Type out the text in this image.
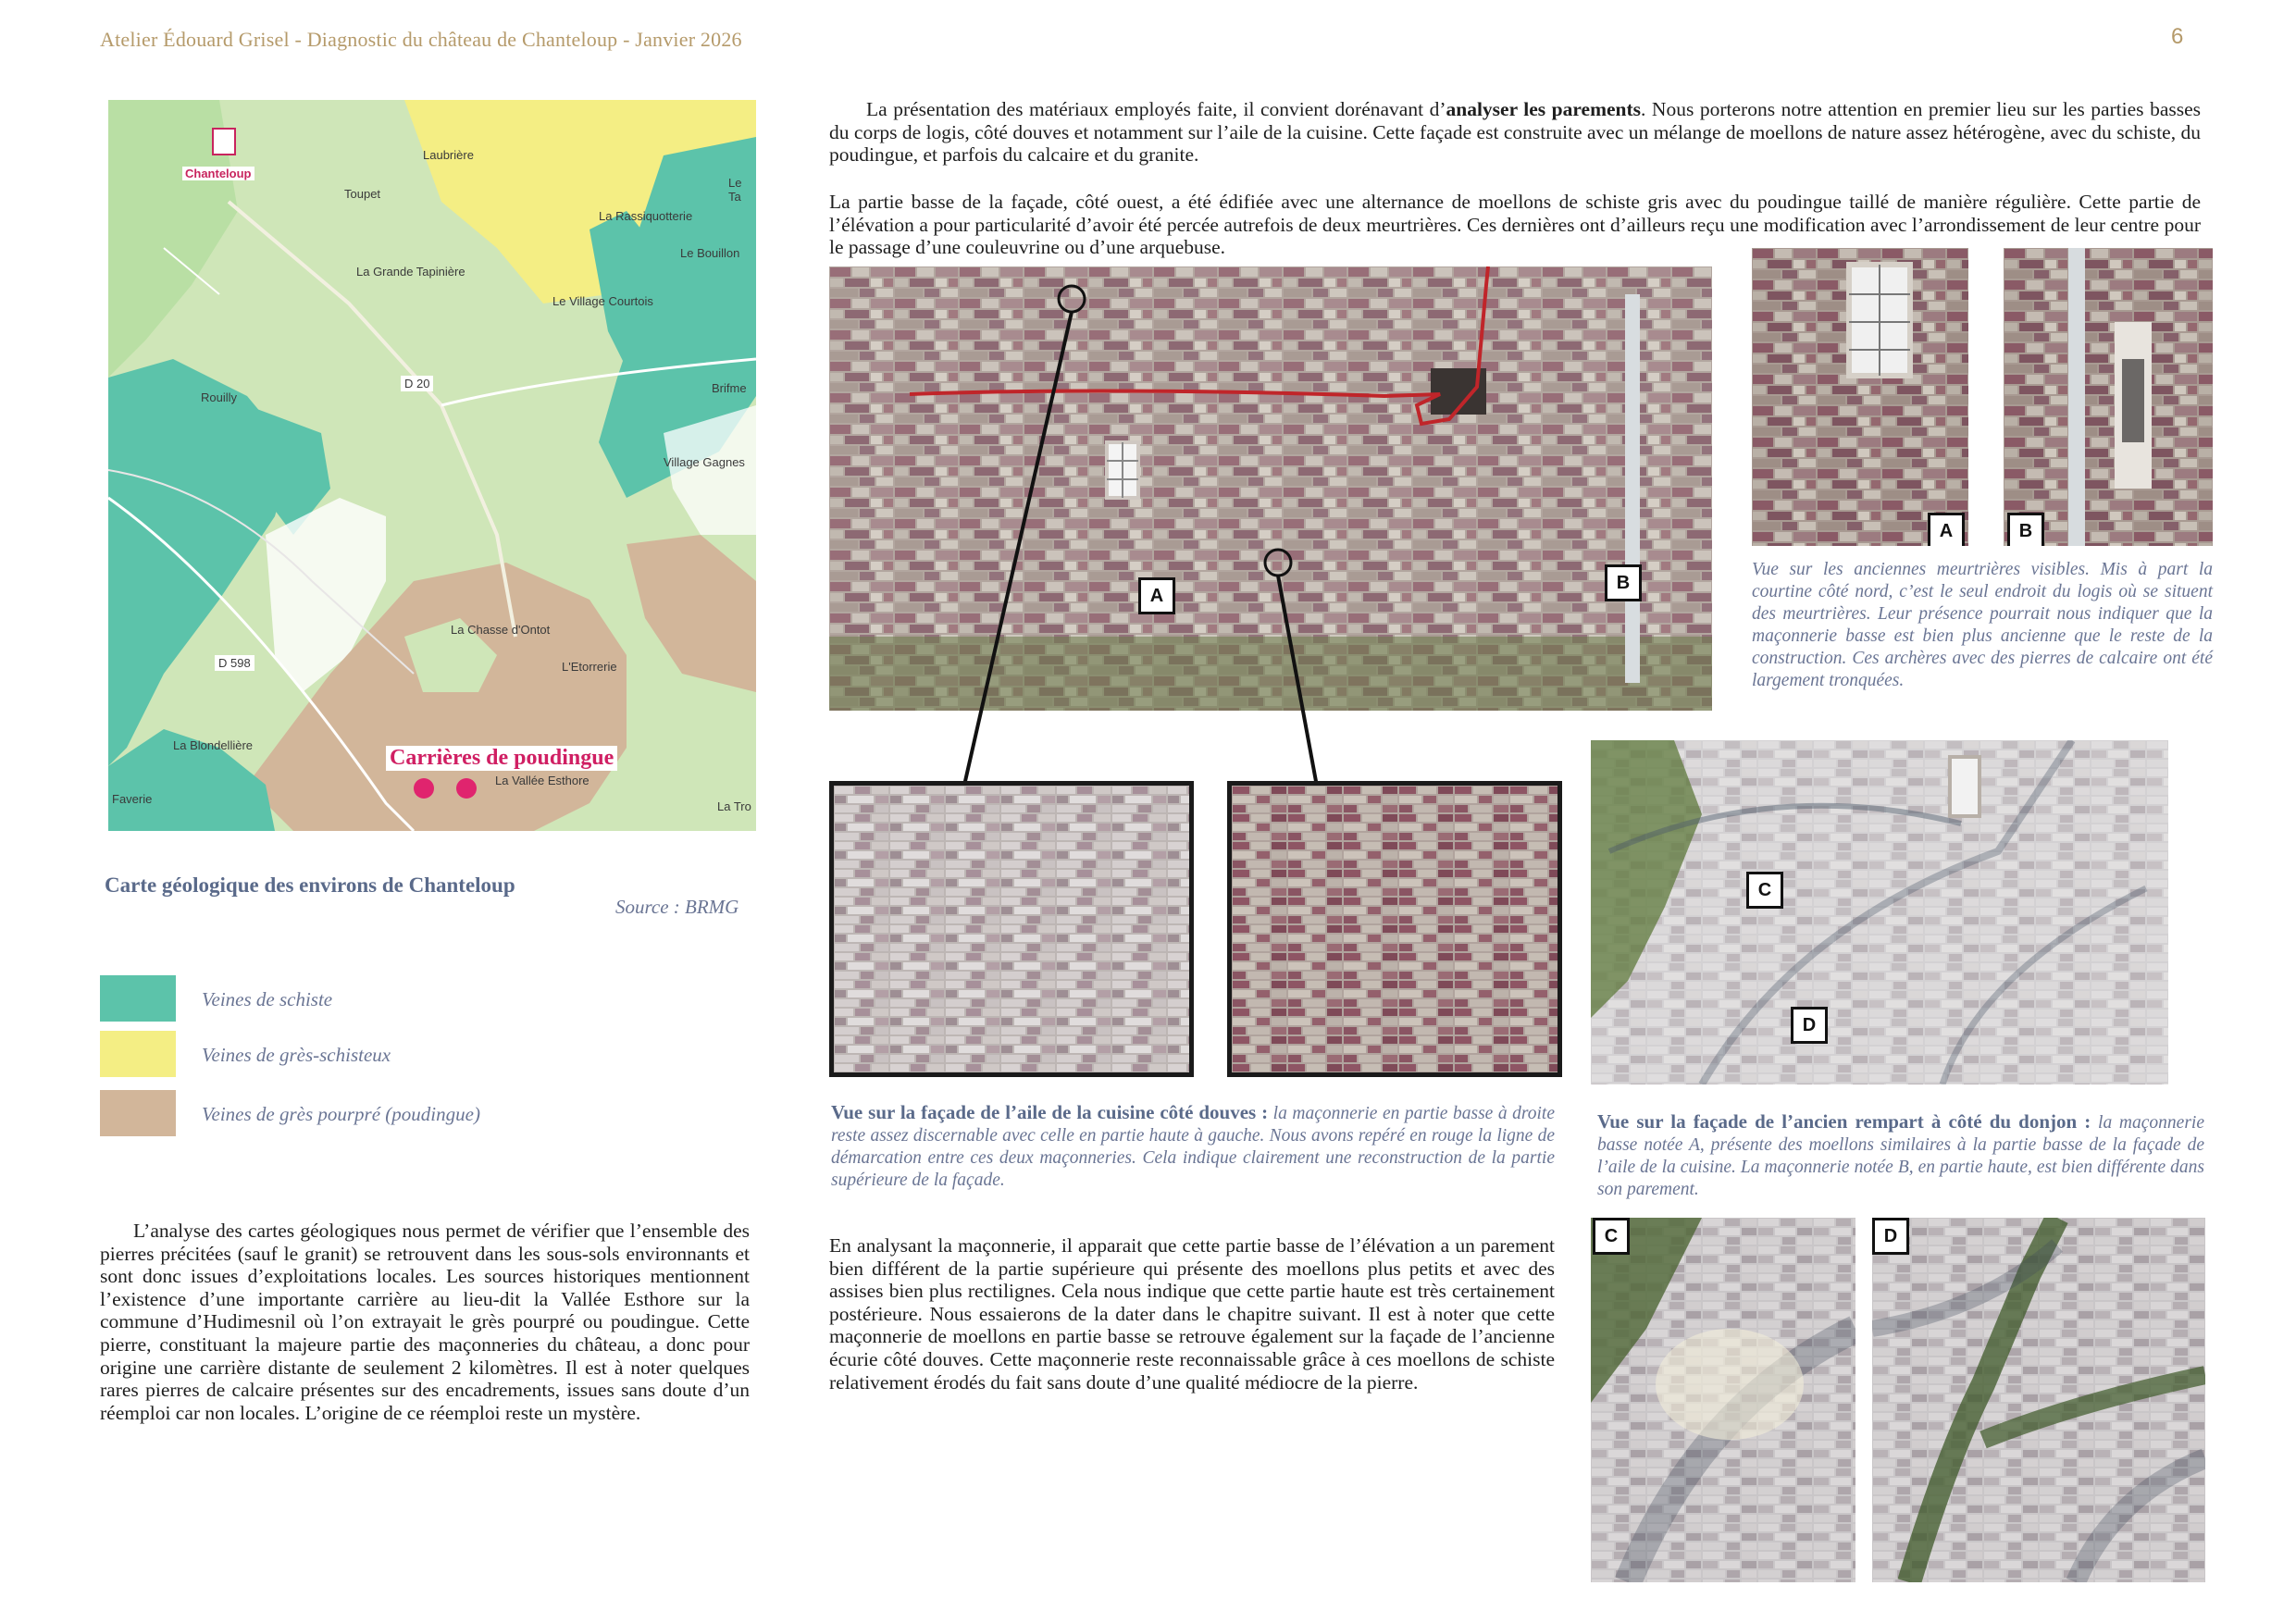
Atelier Édouard Grisel - Diagnostic du château de Chanteloup - Janvier 2026	6
Chanteloup
Laubrière
Toupet
La Rassiquotterie
Le Bouillon
La Grande Tapinière
Le Village Courtois
D 20
Rouilly
Brifme
Village Gagnes
La Chasse d'Ontot
D 598	L'Etorrerie
La Blondellière
La Vallée Esthore
Faverie
La Tro
Le Ta
Carrières de poudingue
Carte géologique des environs de Chanteloup
Source : BRMG
Veines de schiste
Veines de grès-schisteux
Veines de grès pourpré (poudingue)

L’analyse des cartes géologiques nous permet de vérifier que l’ensemble des pierres précitées (sauf le granit) se retrouvent dans les sous-sols environnants et sont donc issues d’exploitations locales. Les sources historiques mentionnent l’existence d’une importante carrière au lieu-dit la Vallée Esthore sur la commune d’Hudimesnil où l’on extrayait le grès pourpré ou poudingue. Cette pierre, constituant la majeure partie des maçonneries du château, a donc pour origine une carrière distante de seulement 2 kilomètres. Il est à noter quelques rares pierres de calcaire présentes sur des encadrements, issues sans doute d’un réemploi car non locales. L’origine de ce réemploi reste un mystère.

La présentation des matériaux employés faite, il convient dorénavant d’analyser les parements. Nous porterons notre attention en premier lieu sur les parties basses du corps de logis, côté douves et notamment sur l’aile de la cuisine. Cette façade est construite avec un mélange de moellons de nature assez hétérogène, avec du schiste, du poudingue, et parfois du calcaire et du granite.

La partie basse de la façade, côté ouest, a été édifiée avec une alternance de moellons de schiste gris avec du poudingue taillé de manière régulière. Cette partie de l’élévation a pour particularité d’avoir été percée autrefois de deux meurtrières. Ces dernières ont d’ailleurs reçu une modification avec l’arrondissement de leur centre pour le passage d’une couleuvrine ou d’une arquebuse.

A
B
A	B

Vue sur les anciennes meurtrières visibles. Mis à part la courtine côté nord, c’est le seul endroit du logis où se situent des meurtrières. Leur présence pourrait nous indiquer que la maçonnerie basse est bien plus ancienne que le reste de la construction. Ces archères avec des pierres de calcaire ont été largement tronquées.

C
D

Vue sur la façade de l’aile de la cuisine côté douves : la maçonnerie en partie basse à droite reste assez discernable avec celle en partie haute à gauche. Nous avons repéré en rouge la ligne de démarcation entre ces deux maçonneries. Cela indique clairement une reconstruction de la partie supérieure de la façade.

Vue sur la façade de l’ancien rempart à côté du donjon : la maçonnerie basse notée A, présente des moellons similaires à la partie basse de la façade de l’aile de la cuisine. La maçonnerie notée B, en partie haute, est bien différente dans son parement.

En analysant la maçonnerie, il apparait que cette partie basse de l’élévation a un parement bien différent de la partie supérieure qui présente des moellons plus petits et avec des assises bien plus rectilignes. Cela nous indique que cette partie haute est très certainement postérieure. Nous essaierons de la dater dans le chapitre suivant. Il est à noter que cette maçonnerie de moellons en partie basse se retrouve également sur la façade de l’ancienne écurie côté douves. Cette maçonnerie reste reconnaissable grâce à ces moellons de schiste relativement érodés du fait sans doute d’une qualité médiocre de la pierre.

C	D
